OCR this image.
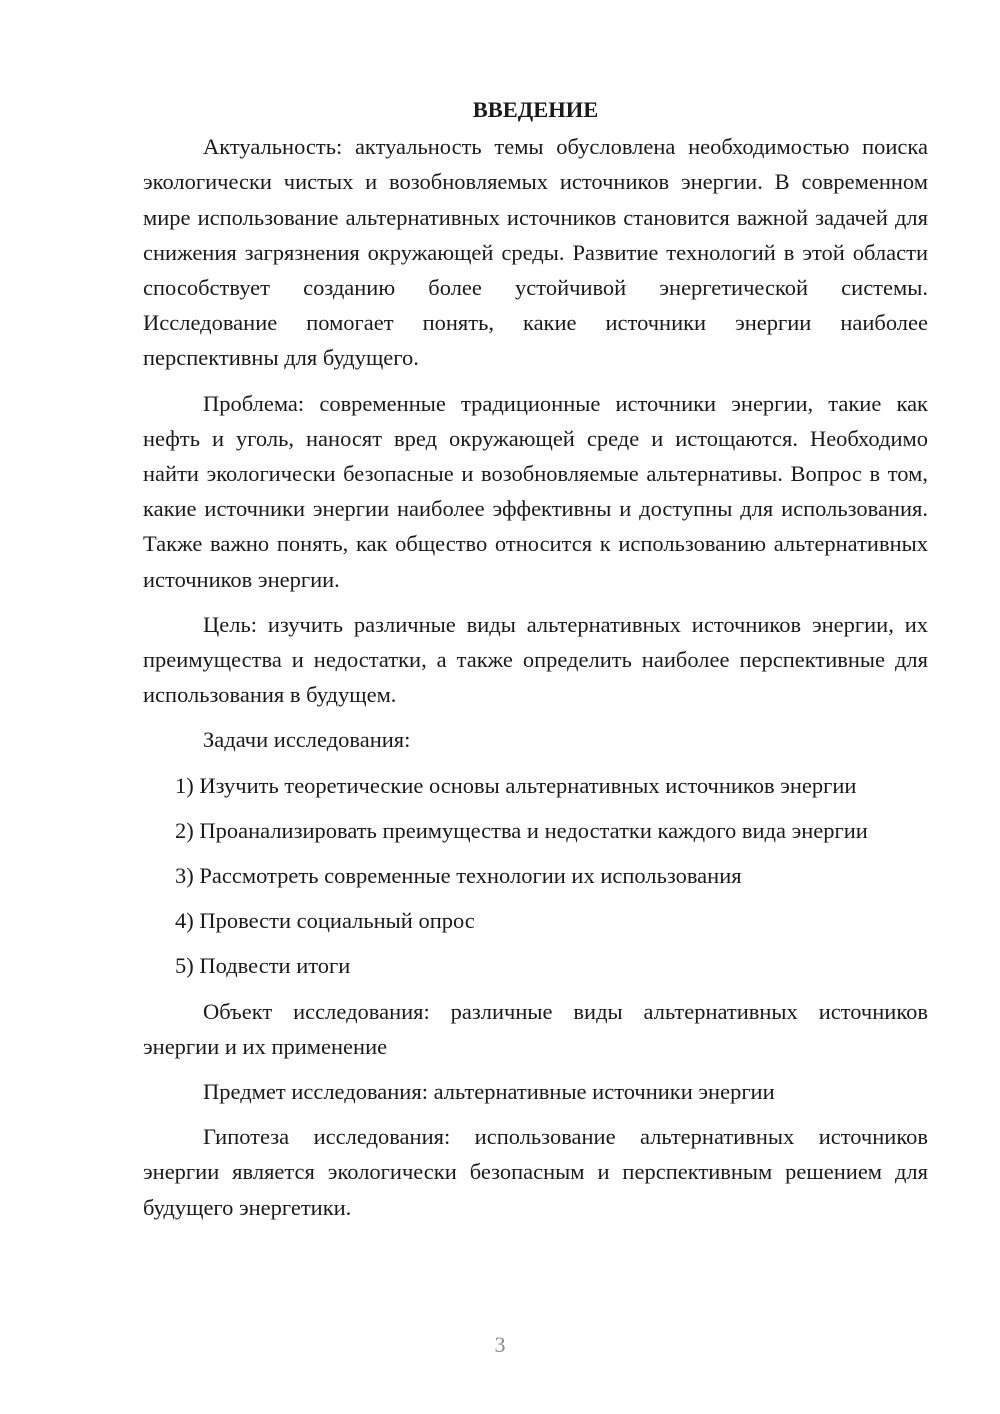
ВВЕДЕНИЕ

Актуальность: актуальность темы обусловлена необходимостью поиска экологически чистых и возобновляемых источников энергии. В современном мире использование альтернативных источников становится важной задачей для снижения загрязнения окружающей среды. Развитие технологий в этой области способствует созданию более устойчивой энергетической системы. Исследование помогает понять, какие источники энергии наиболее перспективны для будущего.

Проблема: современные традиционные источники энергии, такие как нефть и уголь, наносят вред окружающей среде и истощаются. Необходимо найти экологически безопасные и возобновляемые альтернативы. Вопрос в том, какие источники энергии наиболее эффективны и доступны для использования. Также важно понять, как общество относится к использованию альтернативных источников энергии.

Цель: изучить различные виды альтернативных источников энергии, их преимущества и недостатки, а также определить наиболее перспективные для использования в будущем.

Задачи исследования:

1) Изучить теоретические основы альтернативных источников энергии

2) Проанализировать преимущества и недостатки каждого вида энергии

3) Рассмотреть современные технологии их использования

4) Провести социальный опрос

5) Подвести итоги

Объект исследования: различные виды альтернативных источников энергии и их применение

Предмет исследования: альтернативные источники энергии

Гипотеза исследования: использование альтернативных источников энергии является экологически безопасным и перспективным решением для будущего энергетики.

3
